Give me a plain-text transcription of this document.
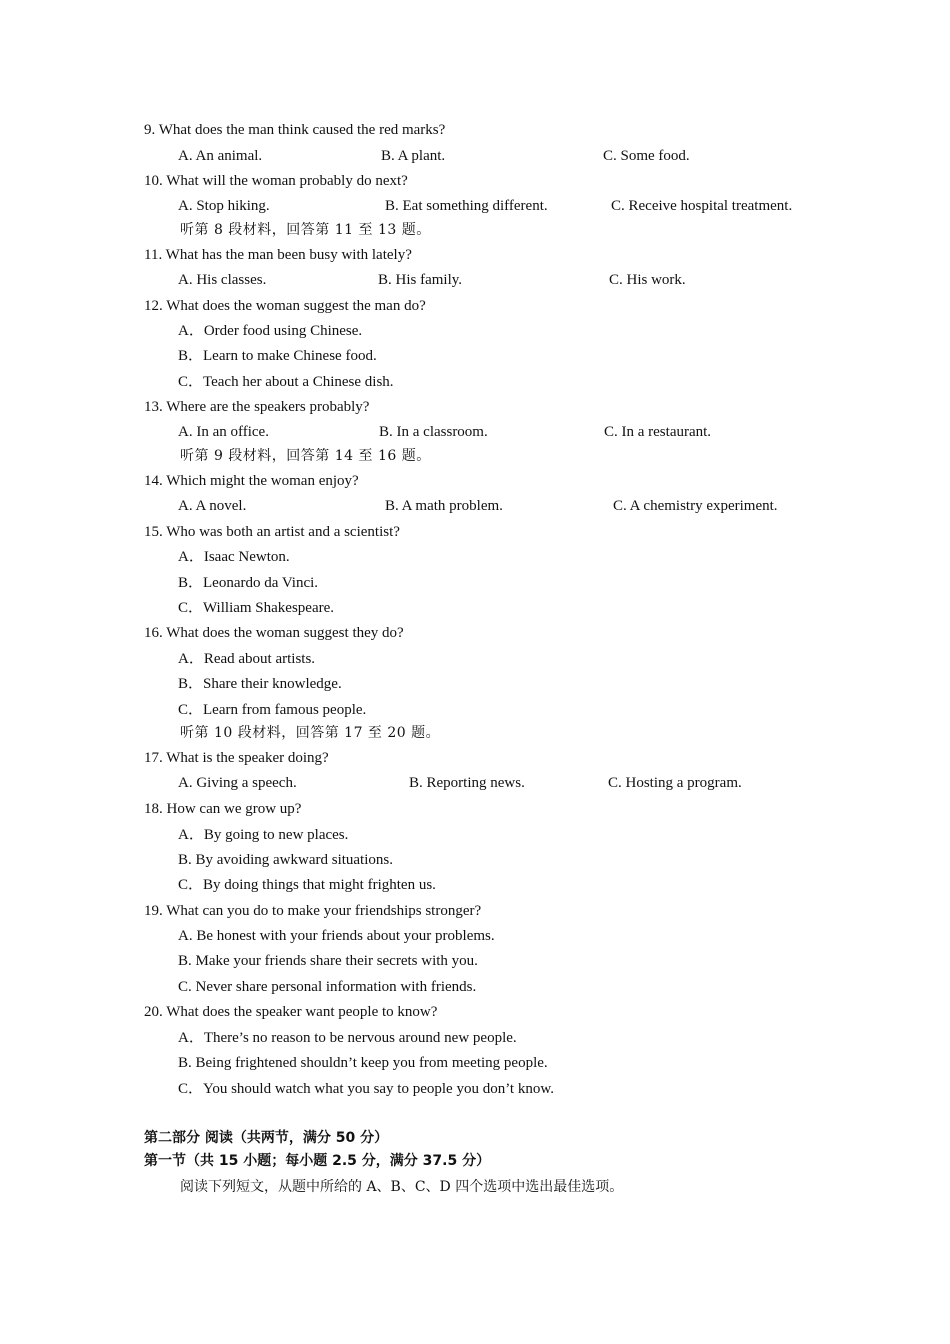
9. What does the man think caused the red marks?
A. An animal.	B. A plant.	C. Some food.
10. What will the woman probably do next?
A. Stop hiking.	B. Eat something different.	C. Receive hospital treatment.
听第 8 段材料，回答第 11 至 13 题。
11. What has the man been busy with lately?
A. His classes.	B. His family.	C. His work.
12. What does the woman suggest the man do?
A．Order food using Chinese.
B．Learn to make Chinese food.
C．Teach her about a Chinese dish.
13. Where are the speakers probably?
A. In an office.	B. In a classroom.	C. In a restaurant.
听第 9 段材料，回答第 14 至 16 题。
14. Which might the woman enjoy?
A. A novel.	B. A math problem.	C. A chemistry experiment.
15. Who was both an artist and a scientist?
A．Isaac Newton.
B．Leonardo da Vinci.
C．William Shakespeare.
16. What does the woman suggest they do?
A．Read about artists.
B．Share their knowledge.
C．Learn from famous people.
听第 10 段材料，回答第 17 至 20 题。
17. What is the speaker doing?
A. Giving a speech.	B. Reporting news.	C. Hosting a program.
18. How can we grow up?
A．By going to new places.
B. By avoiding awkward situations.
C．By doing things that might frighten us.
19. What can you do to make your friendships stronger?
A. Be honest with your friends about your problems.
B. Make your friends share their secrets with you.
C. Never share personal information with friends.
20. What does the speaker want people to know?
A．There’s no reason to be nervous around new people.
B. Being frightened shouldn’t keep you from meeting people.
C．You should watch what you say to people you don’t know.
第二部分 阅读（共两节，满分 50 分）
第一节（共 15 小题；每小题 2.5 分，满分 37.5 分）
阅读下列短文，从题中所给的 A、B、C、D 四个选项中选出最佳选项。
